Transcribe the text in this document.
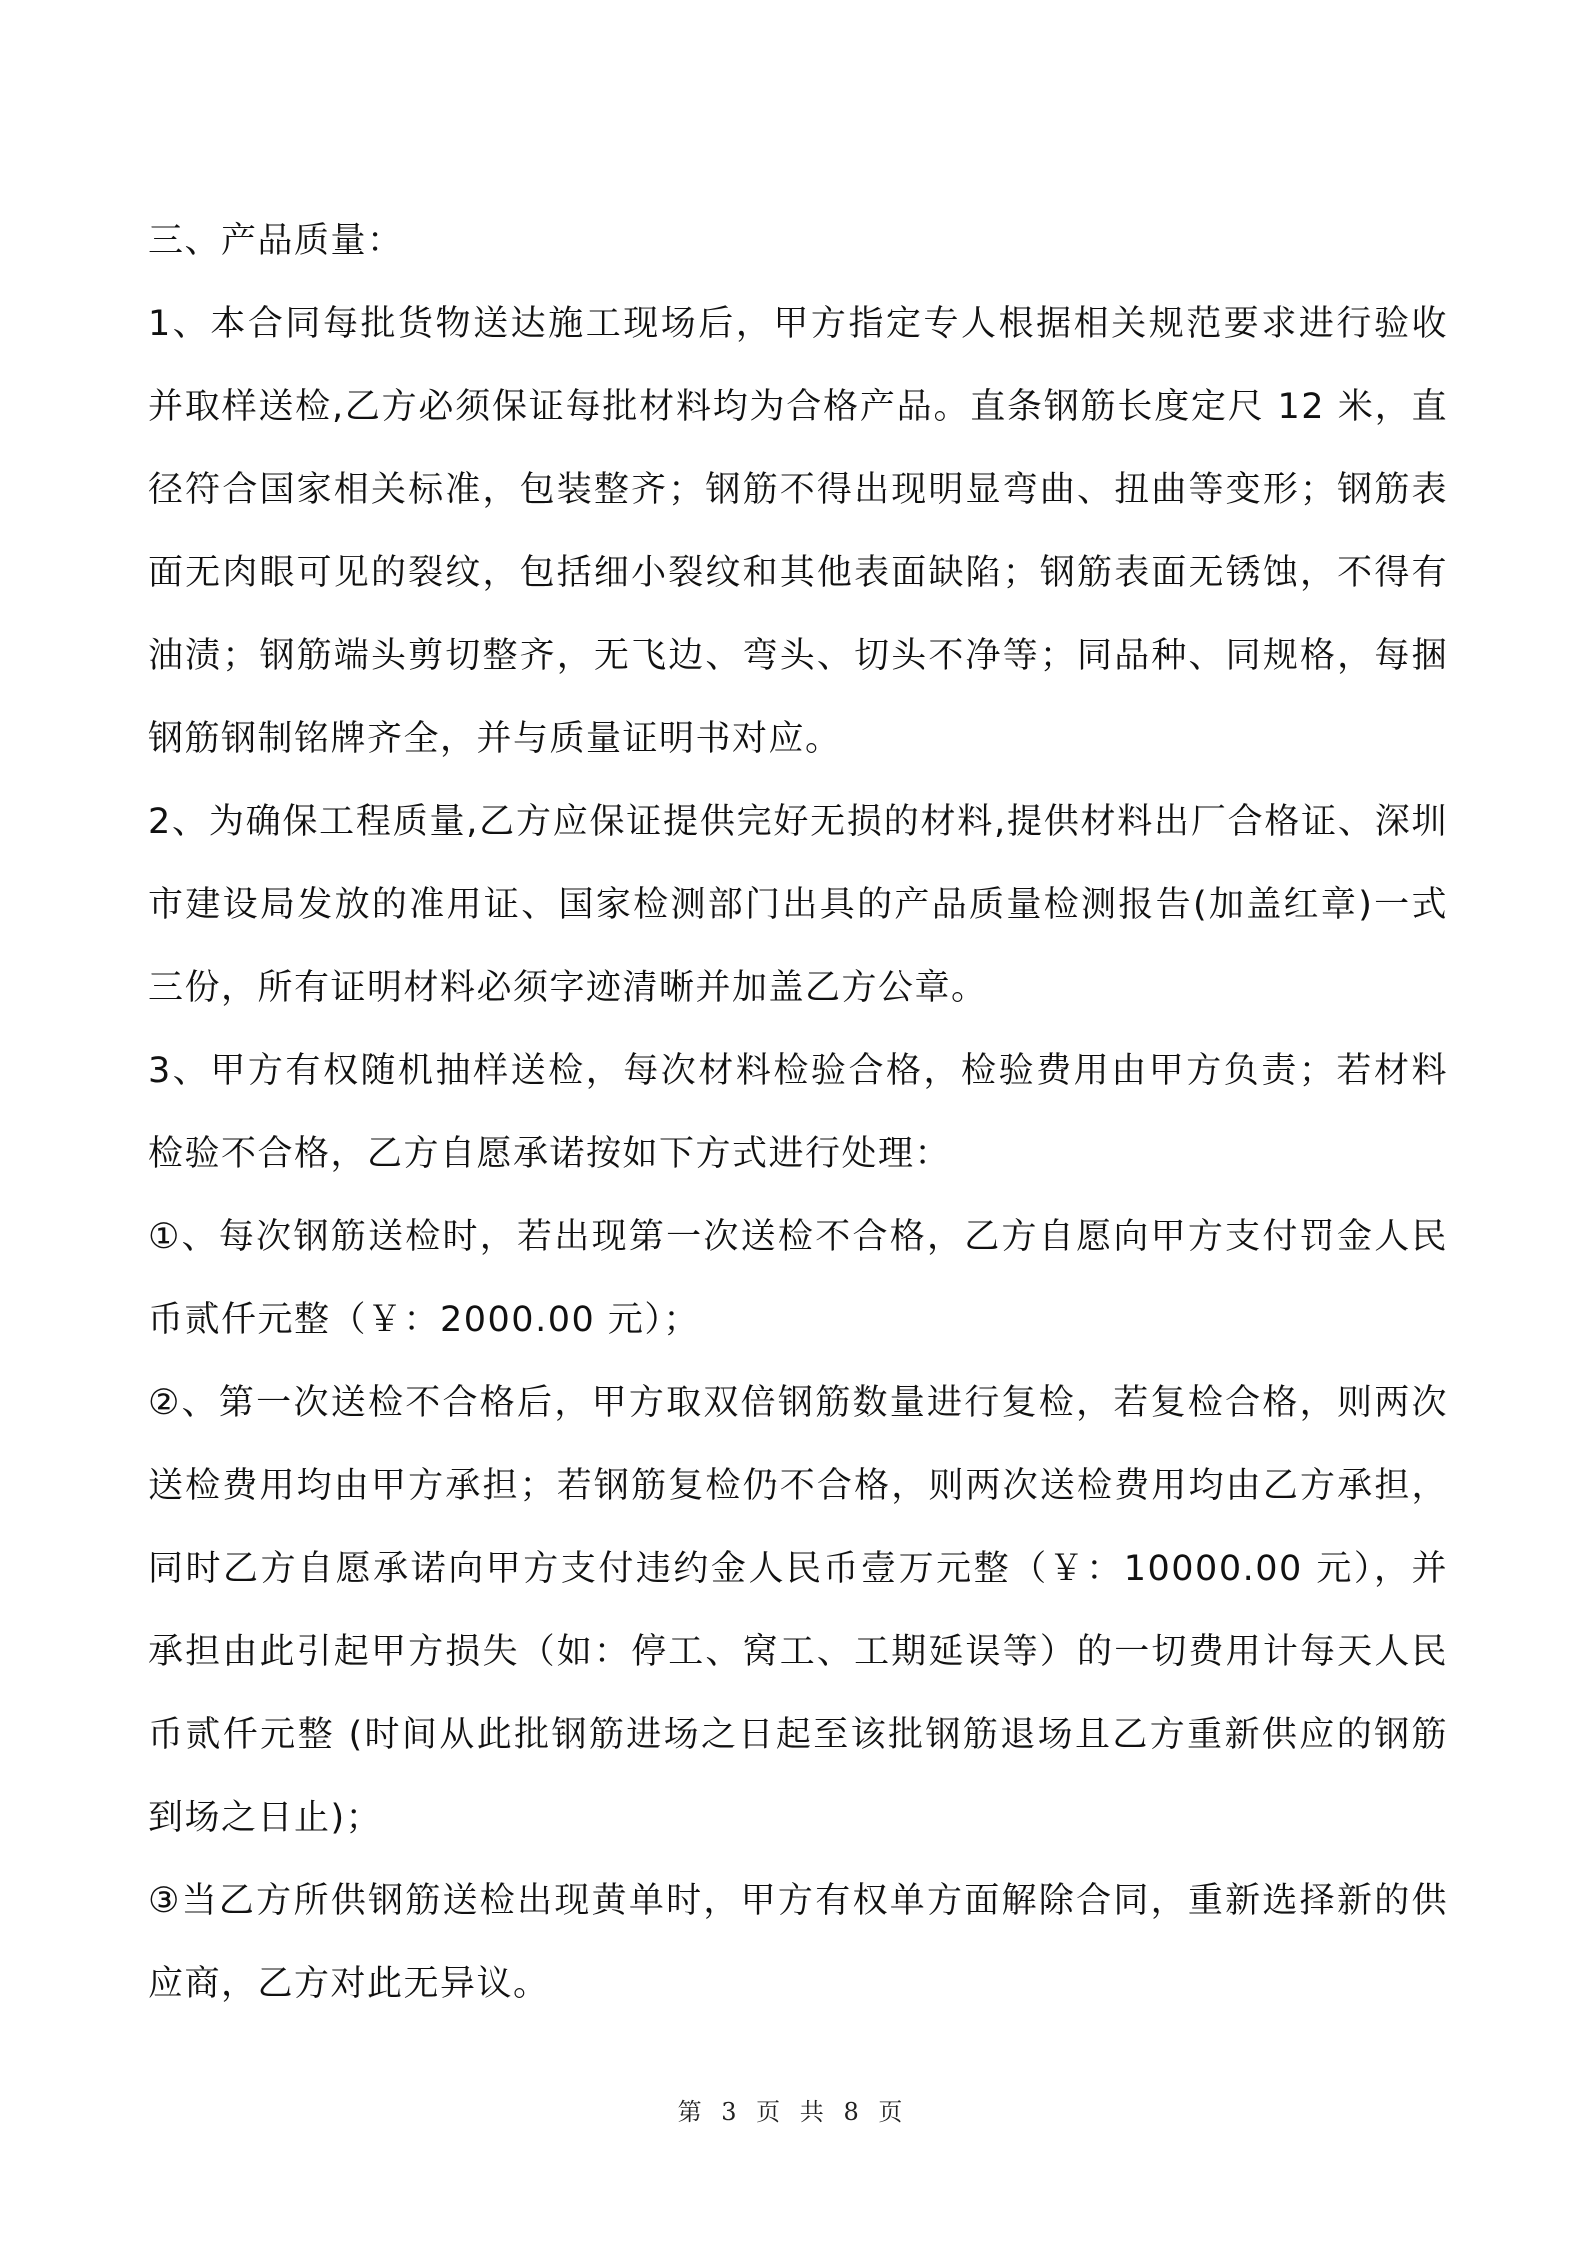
三、产品质量：

1、本合同每批货物送达施工现场后，甲方指定专人根据相关规范要求进行验收并取样送检,乙方必须保证每批材料均为合格产品。直条钢筋长度定尺 12 米，直径符合国家相关标准，包装整齐；钢筋不得出现明显弯曲、扭曲等变形；钢筋表面无肉眼可见的裂纹，包括细小裂纹和其他表面缺陷；钢筋表面无锈蚀，不得有油渍；钢筋端头剪切整齐，无飞边、弯头、切头不净等；同品种、同规格，每捆钢筋钢制铭牌齐全，并与质量证明书对应。

2、为确保工程质量,乙方应保证提供完好无损的材料,提供材料出厂合格证、深圳市建设局发放的准用证、国家检测部门出具的产品质量检测报告(加盖红章)一式三份，所有证明材料必须字迹清晰并加盖乙方公章。

3、甲方有权随机抽样送检，每次材料检验合格，检验费用由甲方负责；若材料检验不合格，乙方自愿承诺按如下方式进行处理：

①、每次钢筋送检时，若出现第一次送检不合格，乙方自愿向甲方支付罚金人民币贰仟元整（￥：2000.00 元）；

②、第一次送检不合格后，甲方取双倍钢筋数量进行复检，若复检合格，则两次送检费用均由甲方承担；若钢筋复检仍不合格，则两次送检费用均由乙方承担，同时乙方自愿承诺向甲方支付违约金人民币壹万元整（￥：10000.00 元），并承担由此引起甲方损失（如：停工、窝工、工期延误等）的一切费用计每天人民币贰仟元整 (时间从此批钢筋进场之日起至该批钢筋退场且乙方重新供应的钢筋到场之日止)；

③当乙方所供钢筋送检出现黄单时，甲方有权单方面解除合同，重新选择新的供应商，乙方对此无异议。

第 3 页 共 8 页
